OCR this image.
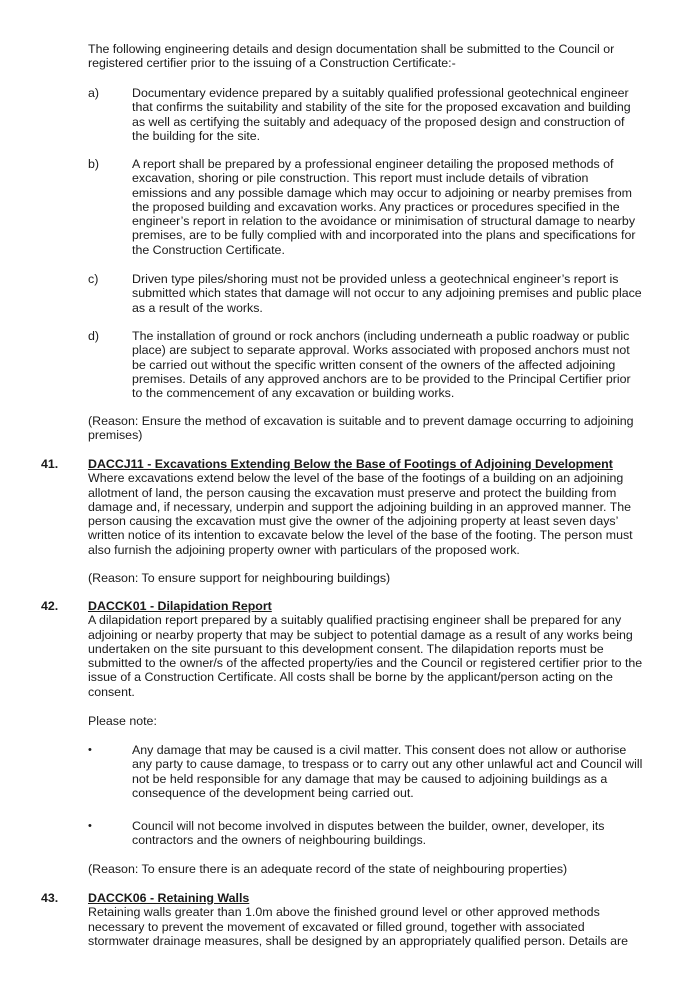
The following engineering details and design documentation shall be submitted to the Council or registered certifier prior to the issuing of a Construction Certificate:-

a)	Documentary evidence prepared by a suitably qualified professional geotechnical engineer that confirms the suitability and stability of the site for the proposed excavation and building as well as certifying the suitably and adequacy of the proposed design and construction of the building for the site.
b)	A report shall be prepared by a professional engineer detailing the proposed methods of excavation, shoring or pile construction. This report must include details of vibration emissions and any possible damage which may occur to adjoining or nearby premises from the proposed building and excavation works. Any practices or procedures specified in the engineer’s report in relation to the avoidance or minimisation of structural damage to nearby premises, are to be fully complied with and incorporated into the plans and specifications for the Construction Certificate.
c)	Driven type piles/shoring must not be provided unless a geotechnical engineer’s report is submitted which states that damage will not occur to any adjoining premises and public place as a result of the works.
d)	The installation of ground or rock anchors (including underneath a public roadway or public place) are subject to separate approval. Works associated with proposed anchors must not be carried out without the specific written consent of the owners of the affected adjoining premises. Details of any approved anchors are to be provided to the Principal Certifier prior to the commencement of any excavation or building works.

(Reason: Ensure the method of excavation is suitable and to prevent damage occurring to adjoining premises)

41. DACCJ11 - Excavations Extending Below the Base of Footings of Adjoining Development
Where excavations extend below the level of the base of the footings of a building on an adjoining allotment of land, the person causing the excavation must preserve and protect the building from damage and, if necessary, underpin and support the adjoining building in an approved manner. The person causing the excavation must give the owner of the adjoining property at least seven days’ written notice of its intention to excavate below the level of the base of the footing. The person must also furnish the adjoining property owner with particulars of the proposed work.

(Reason: To ensure support for neighbouring buildings)

42. DACCK01 - Dilapidation Report
A dilapidation report prepared by a suitably qualified practising engineer shall be prepared for any adjoining or nearby property that may be subject to potential damage as a result of any works being undertaken on the site pursuant to this development consent. The dilapidation reports must be submitted to the owner/s of the affected property/ies and the Council or registered certifier prior to the issue of a Construction Certificate. All costs shall be borne by the applicant/person acting on the consent.

Please note:

•	Any damage that may be caused is a civil matter. This consent does not allow or authorise any party to cause damage, to trespass or to carry out any other unlawful act and Council will not be held responsible for any damage that may be caused to adjoining buildings as a consequence of the development being carried out.
•	Council will not become involved in disputes between the builder, owner, developer, its contractors and the owners of neighbouring buildings.

(Reason: To ensure there is an adequate record of the state of neighbouring properties)

43. DACCK06 - Retaining Walls
Retaining walls greater than 1.0m above the finished ground level or other approved methods necessary to prevent the movement of excavated or filled ground, together with associated stormwater drainage measures, shall be designed by an appropriately qualified person. Details are
